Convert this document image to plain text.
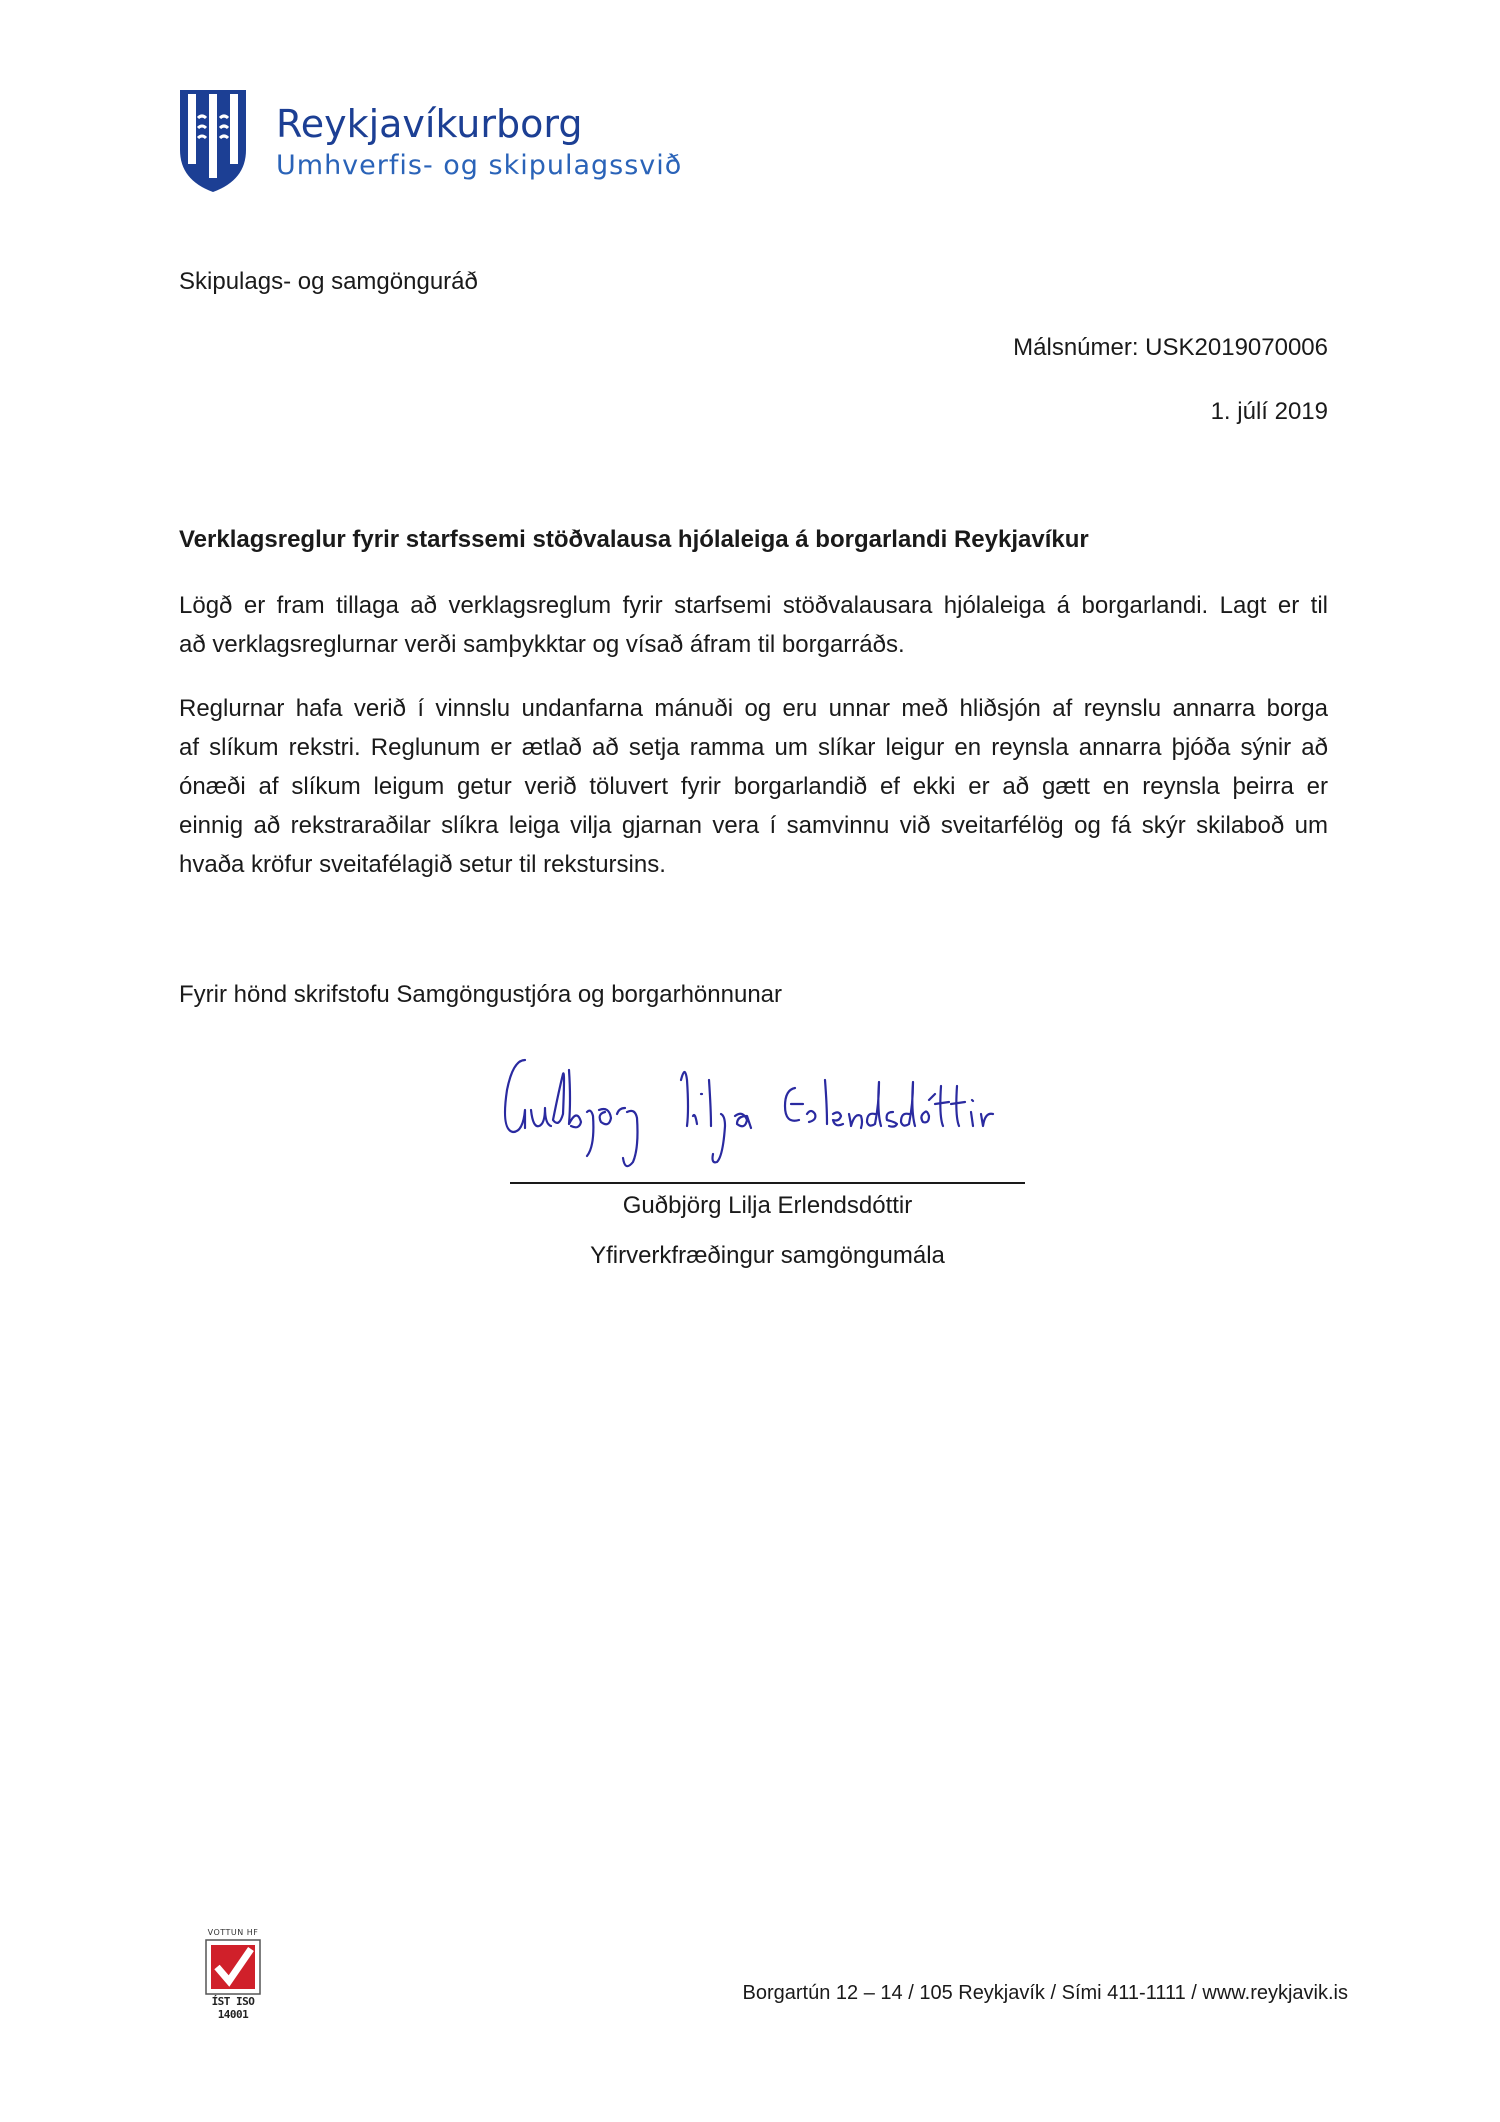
Reykjavíkurborg
Umhverfis- og skipulagssvið
Skipulags- og samgönguráð
Málsnúmer: USK2019070006
1. júlí 2019
Verklagsreglur fyrir starfssemi stöðvalausa hjólaleiga á borgarlandi Reykjavíkur
Lögð er fram tillaga að verklagsreglum fyrir starfsemi stöðvalausara hjólaleiga á borgarlandi. Lagt er til
að verklagsreglurnar verði samþykktar og vísað áfram til borgarráðs.
Reglurnar hafa verið í vinnslu undanfarna mánuði og eru unnar með hliðsjón af reynslu annarra borga
af slíkum rekstri. Reglunum er ætlað að setja ramma um slíkar leigur en reynsla annarra þjóða sýnir að
ónæði af slíkum leigum getur verið töluvert fyrir borgarlandið ef ekki er að gætt en reynsla þeirra er
einnig að rekstraraðilar slíkra leiga vilja gjarnan vera í samvinnu við sveitarfélög og fá skýr skilaboð um
hvaða kröfur sveitafélagið setur til rekstursins.
Fyrir hönd skrifstofu Samgöngustjóra og borgarhönnunar
Guðbjörg Lilja Erlendsdóttir
Yfirverkfræðingur samgöngumála
VOTTUN HF
ÍST ISO 14001
Borgartún 12 – 14 / 105 Reykjavík / Sími 411-1111 / www.reykjavik.is
